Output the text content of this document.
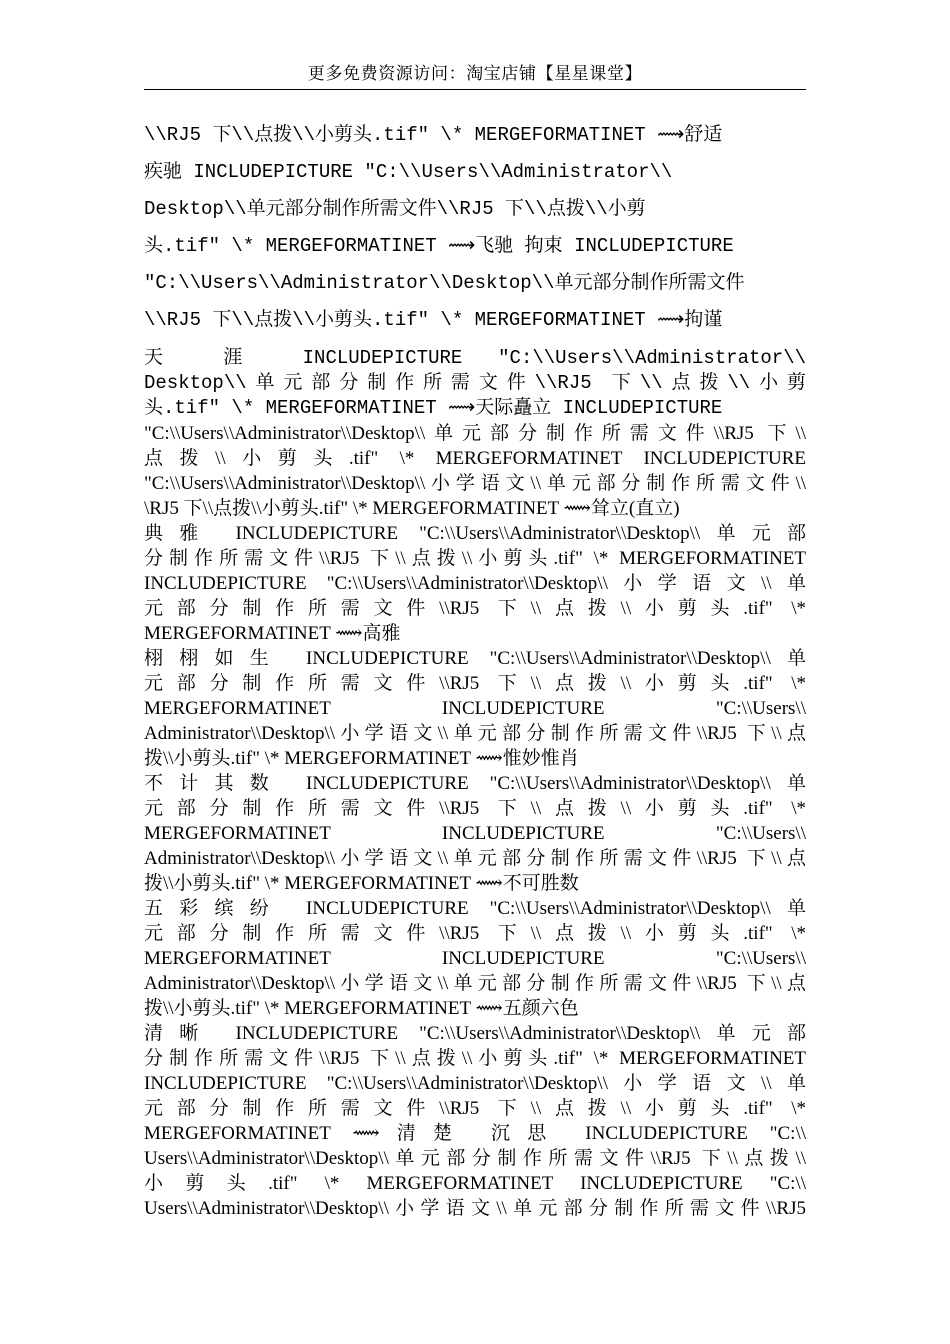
更多免费资源访问：淘宝店铺【星星课堂】
\\RJ5 下\\点拨\\小剪头.tif" \* MERGEFORMATINET ⟿舒适
疾驰 INCLUDEPICTURE "C:\\Users\\Administrator\\
Desktop\\单元部分制作所需文件\\RJ5 下\\点拨\\小剪
头.tif" \* MERGEFORMATINET ⟿飞驰 拘束 INCLUDEPICTURE
"C:\\Users\\Administrator\\Desktop\\单元部分制作所需文件
\\RJ5 下\\点拨\\小剪头.tif" \* MERGEFORMATINET ⟿拘谨
天 涯 INCLUDEPICTURE "C:\\Users\\Administrator\\
Desktop\\单元部分制作所需文件\\RJ5 下\\点拨\\小剪
头.tif" \* MERGEFORMATINET ⟿天际矗立 INCLUDEPICTURE
"C:\\Users\\Administrator\\Desktop\\单元部分制作所需文件\\RJ5 下\\
点拨\\小剪头.tif" \* MERGEFORMATINET INCLUDEPICTURE
"C:\\Users\\Administrator\\Desktop\\小学语文\\单元部分制作所需文件\\
\RJ5 下\\点拨\\小剪头.tif" \* MERGEFORMATINET ⟿耸立(直立)
典雅 INCLUDEPICTURE "C:\\Users\\Administrator\\Desktop\\单元部
分制作所需文件\\RJ5 下\\点拨\\小剪头.tif" \* MERGEFORMATINET
INCLUDEPICTURE "C:\\Users\\Administrator\\Desktop\\小学语文\\单
元部分制作所需文件\\RJ5 下\\点拨\\小剪头.tif" \*
MERGEFORMATINET ⟿高雅
栩栩如生 INCLUDEPICTURE "C:\\Users\\Administrator\\Desktop\\单
元部分制作所需文件\\RJ5 下\\点拨\\小剪头.tif" \*
MERGEFORMATINET INCLUDEPICTURE "C:\\Users\\
Administrator\\Desktop\\小学语文\\单元部分制作所需文件\\RJ5 下\\点
拨\\小剪头.tif" \* MERGEFORMATINET ⟿惟妙惟肖
不计其数 INCLUDEPICTURE "C:\\Users\\Administrator\\Desktop\\单
元部分制作所需文件\\RJ5 下\\点拨\\小剪头.tif" \*
MERGEFORMATINET INCLUDEPICTURE "C:\\Users\\
Administrator\\Desktop\\小学语文\\单元部分制作所需文件\\RJ5 下\\点
拨\\小剪头.tif" \* MERGEFORMATINET ⟿不可胜数
五彩缤纷 INCLUDEPICTURE "C:\\Users\\Administrator\\Desktop\\单
元部分制作所需文件\\RJ5 下\\点拨\\小剪头.tif" \*
MERGEFORMATINET INCLUDEPICTURE "C:\\Users\\
Administrator\\Desktop\\小学语文\\单元部分制作所需文件\\RJ5 下\\点
拨\\小剪头.tif" \* MERGEFORMATINET ⟿五颜六色
清晰 INCLUDEPICTURE "C:\\Users\\Administrator\\Desktop\\单元部
分制作所需文件\\RJ5 下\\点拨\\小剪头.tif" \* MERGEFORMATINET
INCLUDEPICTURE "C:\\Users\\Administrator\\Desktop\\小学语文\\单
元部分制作所需文件\\RJ5 下\\点拨\\小剪头.tif" \*
MERGEFORMATINET ⟿清楚 沉思 INCLUDEPICTURE "C:\\
Users\\Administrator\\Desktop\\单元部分制作所需文件\\RJ5 下\\点拨\\
小剪头.tif" \* MERGEFORMATINET INCLUDEPICTURE "C:\\
Users\\Administrator\\Desktop\\小学语文\\单元部分制作所需文件\\RJ5
